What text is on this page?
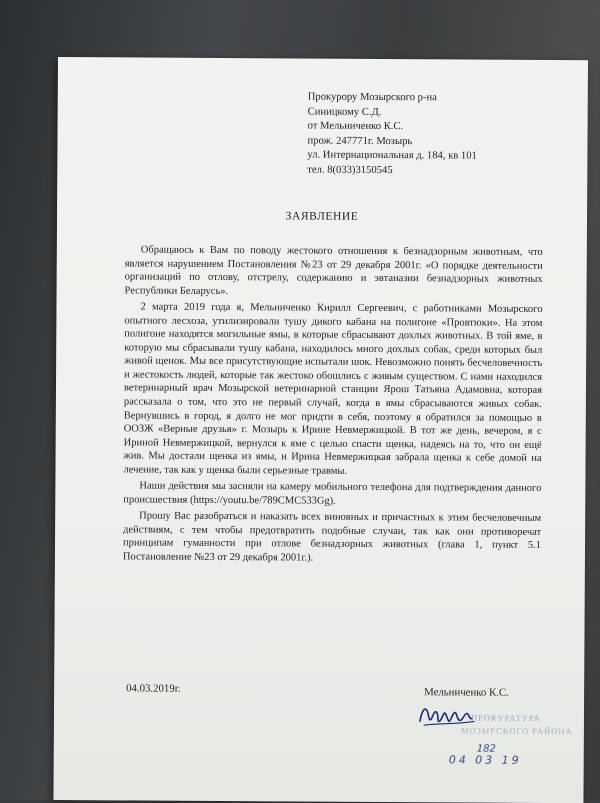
Прокурору Мозырского р-на
Синицкому С.Д.
от Мельниченко К.С.
прож. 247771г. Мозырь
ул. Интернациональная д. 184, кв 101
тел. 8(033)3150545
ЗАЯВЛЕНИЕ

Обращаюсь к Вам по поводу жестокого отношения к безнадзорным животным, что является нарушением Постановления №23 от 29 декабря 2001г. «О порядке деятельности организаций по отлову, отстрелу, содержанию и эвтаназии безнадзорных животных Республики Беларусь».

2 марта 2019 года я, Мельниченко Кирилл Сергеевич, с работниками Мозырского опытного лесхоза, утилизировали тушу дикого кабана на полигоне «Провтюки». На этом полигоне находятся могильные ямы, в которые сбрасывают дохлых животных. В той яме, в которую мы сбрасывали тушу кабана, находилось много дохлых собак, среди которых был живой щенок. Мы все присутствующие испытали шок. Невозможно понять бесчеловечность и жестокость людей, которые так жестоко обошлись с живым существом. С нами находился ветеринарный врач Мозырской ветеринарной станции Ярош Татьяна Адамовна, которая рассказала о том, что это не первый случай, когда в ямы сбрасываются живых собак. Вернувшись в город, я долго не мог придти в себя, поэтому я обратился за помощью в ООЗЖ «Верные друзья» г. Мозырь к Ирине Невмержицкой. В тот же день, вечером, я с Ириной Невмержицкой, вернулся к яме с целью спасти щенка, надеясь на то, что он ещё жив. Мы достали щенка из ямы, и Ирина Невмержицкая забрала щенка к себе домой на лечение, так как у щенка были серьезные травмы.

Наши действия мы засняли на камеру мобильного телефона для подтверждения данного происшествия (https://youtu.be/789CMC533Gg).

Прошу Вас разобраться и наказать всех виновных и причастных к этим бесчеловечным действиям, с тем чтобы предотвратить подобные случаи, так как они противоречат принципам гуманности при отлове безнадзорных животных (глава 1, пункт 5.1 Постановление №23 от 29 декабря 2001г.).

04.03.2019г.	Мельниченко К.С.
ПРОКУРАТУРА
МОЗЫРСКОГО РАЙОНА
182
04 03 19
